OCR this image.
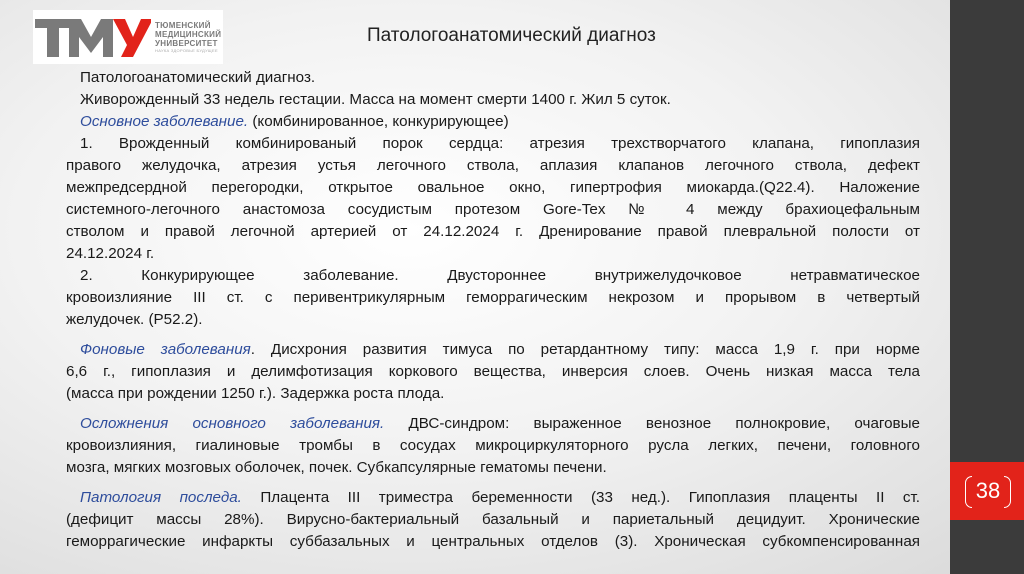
38
ТЮМЕНСКИЙ
МЕДИЦИНСКИЙ
УНИВЕРСИТЕТ
НАУКА ЗДОРОВЬЕ БУДУЩЕЕ
Патологоанатомический диагноз

Патологоанатомический диагноз.

Живорожденный 33 недель гестации. Масса на момент смерти 1400 г. Жил 5 суток.

Основное заболевание. (комбинированное, конкурирующее)

1. Врожденный комбинированый порок сердца: атрезия трехстворчатого клапана, гипоплазия

правого желудочка, атрезия устья легочного ствола, аплазия клапанов легочного ствола, дефект

межпредсердной перегородки, открытое овальное окно, гипертрофия миокарда.(Q22.4). Наложение

системного-легочного анастомоза сосудистым протезом Gore-Tex № 4 между брахиоцефальным

стволом и правой легочной артерией от 24.12.2024 г. Дренирование правой плевральной полости от

24.12.2024 г.

2. Конкурирующее заболевание. Двустороннее внутрижелудочковое нетравматическое

кровоизлияние III ст. с перивентрикулярным геморрагическим некрозом и прорывом в четвертый

желудочек. (P52.2).

Фоновые заболевания. Дисхрония развития тимуса по ретардантному типу: масса 1,9 г. при норме

6,6 г., гипоплазия и делимфотизация коркового вещества, инверсия слоев. Очень низкая масса тела

(масса при рождении 1250 г.). Задержка роста плода.

Осложнения основного заболевания. ДВС-синдром: выраженное венозное полнокровие, очаговые

кровоизлияния, гиалиновые тромбы в сосудах микроциркуляторного русла легких, печени, головного

мозга, мягких мозговых оболочек, почек. Субкапсулярные гематомы печени.

Патология последа. Плацента III триместра беременности (33 нед.). Гипоплазия плаценты II ст.

(дефицит массы 28%). Вирусно-бактериальный базальный и париетальный децидуит. Хронические

геморрагические инфаркты суббазальных и центральных отделов (3). Хроническая субкомпенсированная
